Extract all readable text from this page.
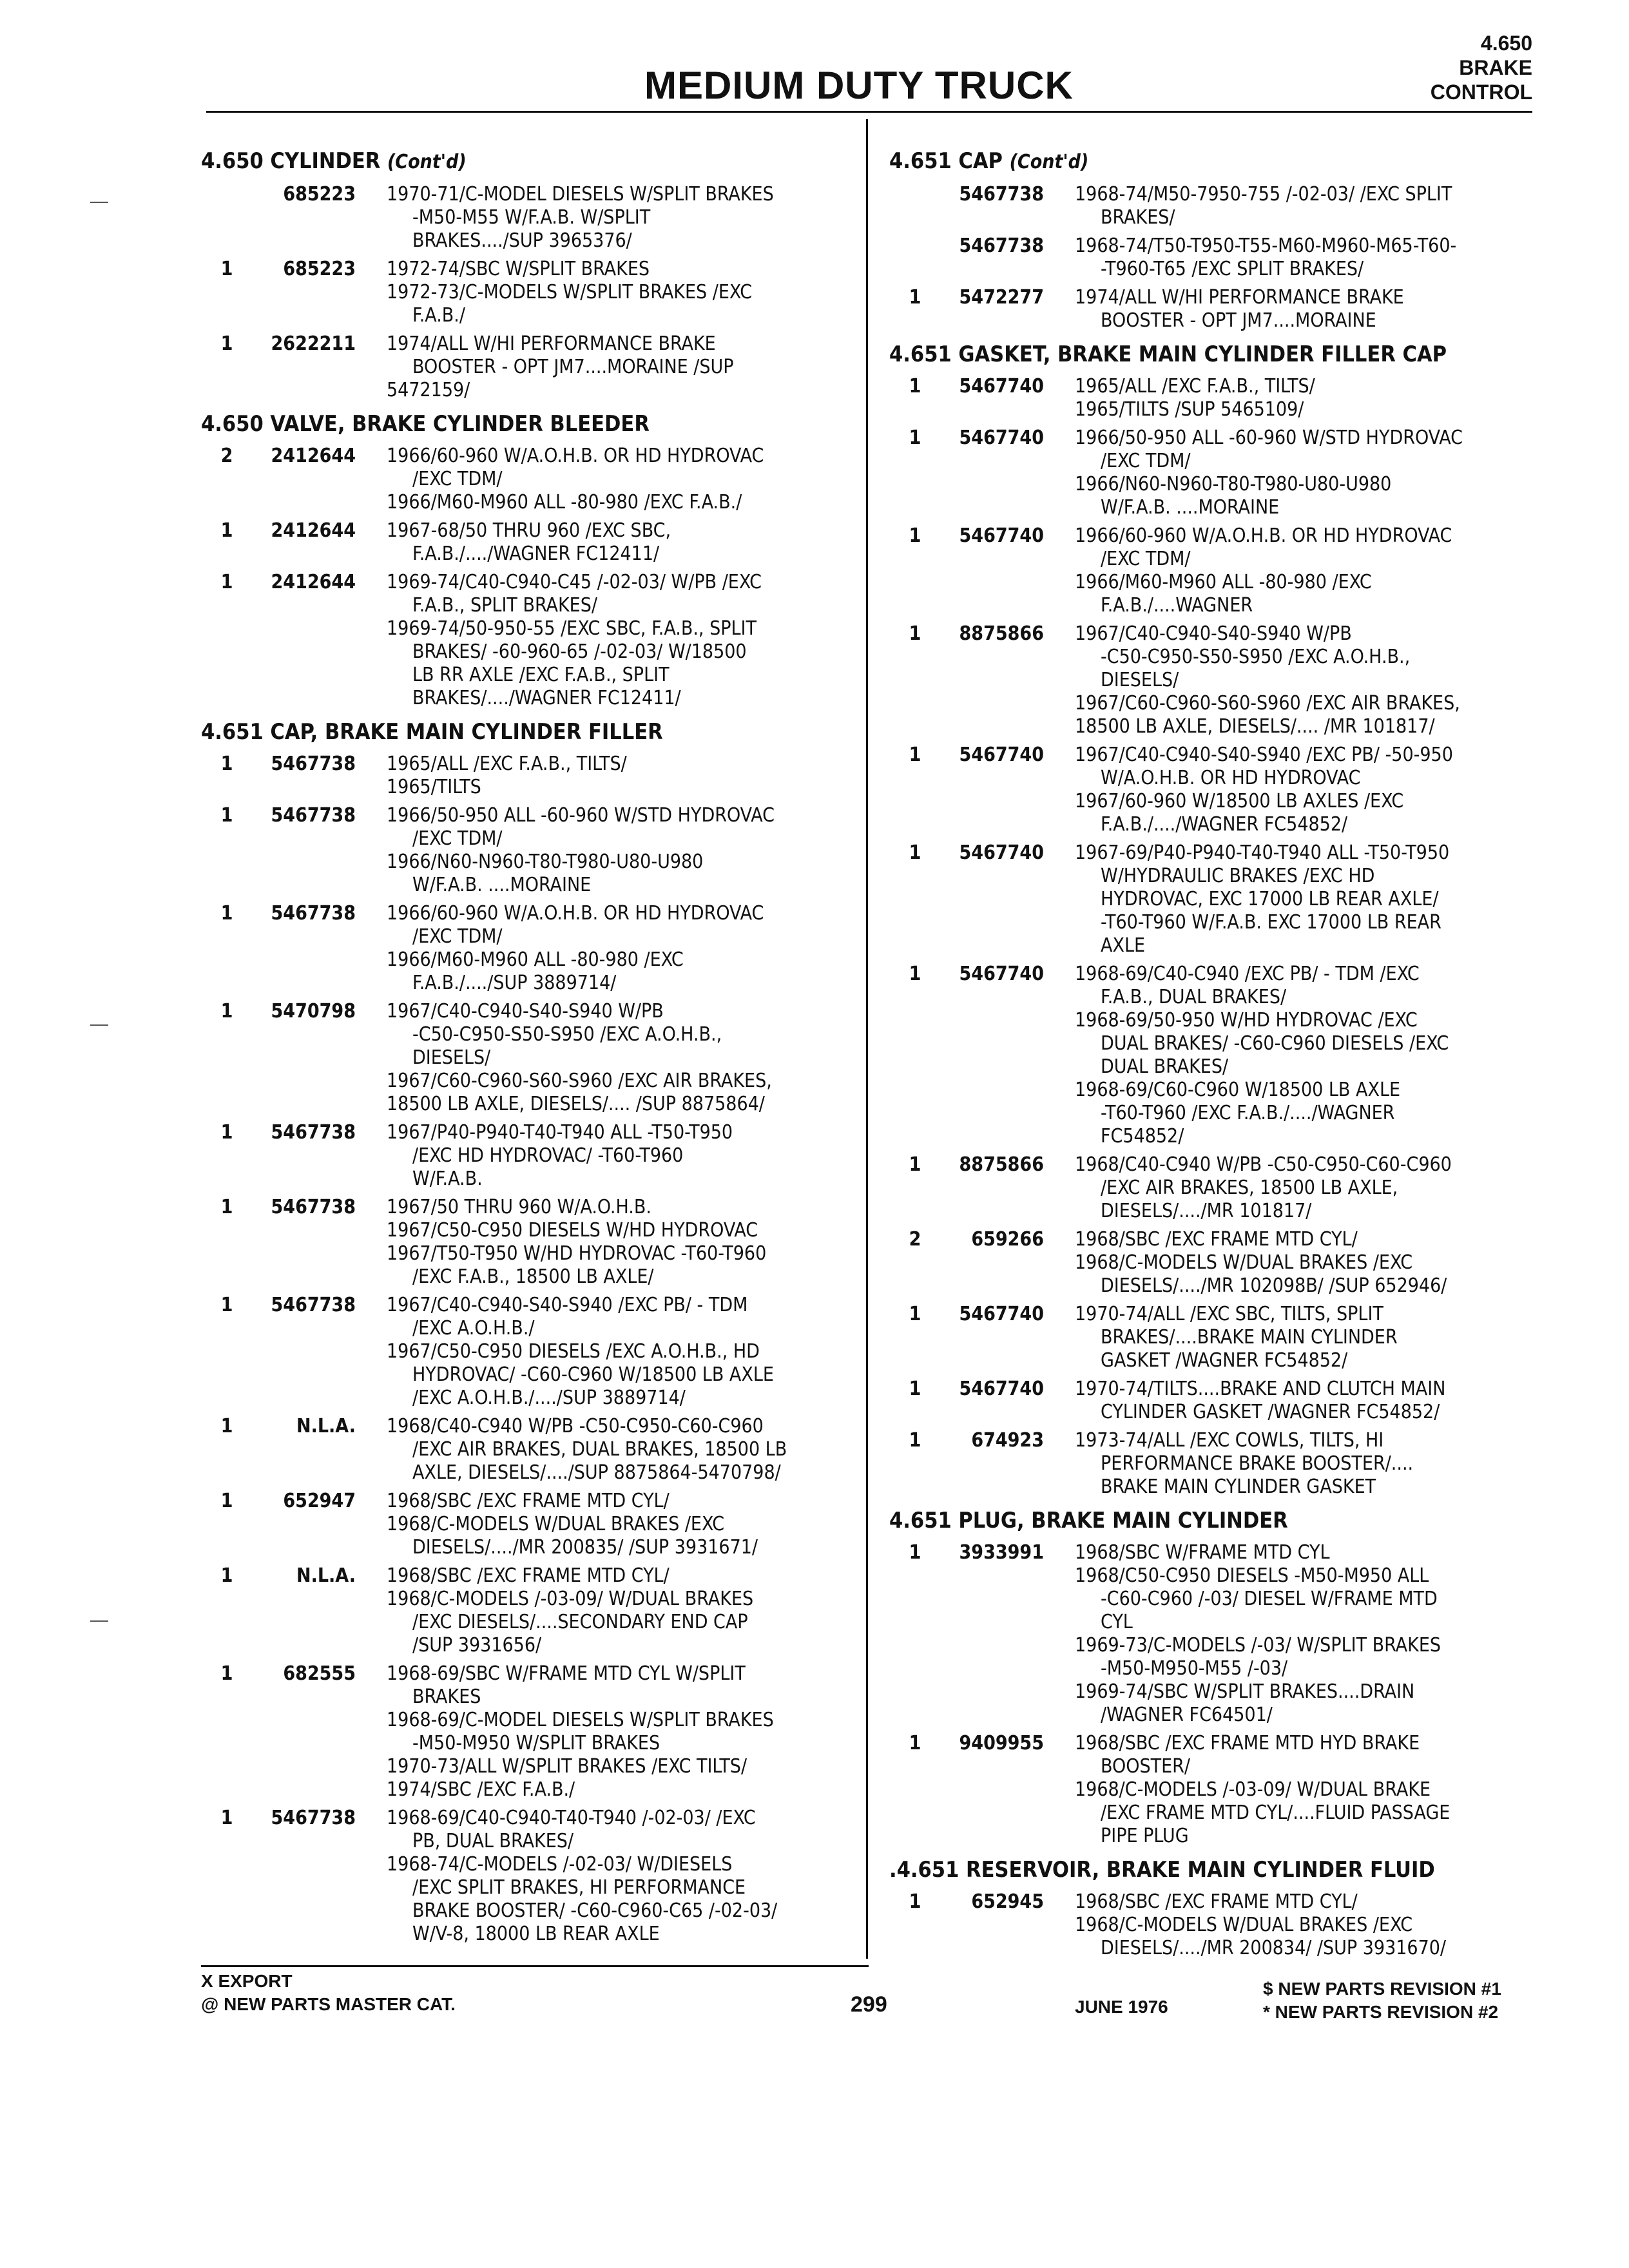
MEDIUM DUTY TRUCK
4.650
BRAKE
CONTROL
4.650 CYLINDER (Cont'd)
685223 1970-71/C-MODEL DIESELS W/SPLIT BRAKES
-M50-M55 W/F.A.B. W/SPLIT
BRAKES..../SUP 3965376/
1	685223 1972-74/SBC W/SPLIT BRAKES
1972-73/C-MODELS W/SPLIT BRAKES /EXC
F.A.B./
1	2622211 1974/ALL W/HI PERFORMANCE BRAKE
BOOSTER - OPT JM7....MORAINE /SUP
5472159/
4.650 VALVE, BRAKE CYLINDER BLEEDER
2	2412644 1966/60-960 W/A.O.H.B. OR HD HYDROVAC
/EXC TDM/
1966/M60-M960 ALL -80-980 /EXC F.A.B./
1	2412644 1967-68/50 THRU 960 /EXC SBC,
F.A.B./..../WAGNER FC12411/
1	2412644 1969-74/C40-C940-C45 /-02-03/ W/PB /EXC
F.A.B., SPLIT BRAKES/
1969-74/50-950-55 /EXC SBC, F.A.B., SPLIT
BRAKES/ -60-960-65 /-02-03/ W/18500
LB RR AXLE /EXC F.A.B., SPLIT
BRAKES/..../WAGNER FC12411/
4.651 CAP, BRAKE MAIN CYLINDER FILLER
1	5467738 1965/ALL /EXC F.A.B., TILTS/
1965/TILTS
1	5467738 1966/50-950 ALL -60-960 W/STD HYDROVAC
/EXC TDM/
1966/N60-N960-T80-T980-U80-U980
W/F.A.B. ....MORAINE
1	5467738 1966/60-960 W/A.O.H.B. OR HD HYDROVAC
/EXC TDM/
1966/M60-M960 ALL -80-980 /EXC
F.A.B./..../SUP 3889714/
1	5470798 1967/C40-C940-S40-S940 W/PB
-C50-C950-S50-S950 /EXC A.O.H.B.,
DIESELS/
1967/C60-C960-S60-S960 /EXC AIR BRAKES,
18500 LB AXLE, DIESELS/.... /SUP 8875864/
1	5467738 1967/P40-P940-T40-T940 ALL -T50-T950
/EXC HD HYDROVAC/ -T60-T960
W/F.A.B.
1	5467738 1967/50 THRU 960 W/A.O.H.B.
1967/C50-C950 DIESELS W/HD HYDROVAC
1967/T50-T950 W/HD HYDROVAC -T60-T960
/EXC F.A.B., 18500 LB AXLE/
1	5467738 1967/C40-C940-S40-S940 /EXC PB/ - TDM
/EXC A.O.H.B./
1967/C50-C950 DIESELS /EXC A.O.H.B., HD
HYDROVAC/ -C60-C960 W/18500 LB AXLE
/EXC A.O.H.B./..../SUP 3889714/
1	N.L.A. 1968/C40-C940 W/PB -C50-C950-C60-C960
/EXC AIR BRAKES, DUAL BRAKES, 18500 LB
AXLE, DIESELS/..../SUP 8875864-5470798/
1	652947 1968/SBC /EXC FRAME MTD CYL/
1968/C-MODELS W/DUAL BRAKES /EXC
DIESELS/..../MR 200835/ /SUP 3931671/
1	N.L.A. 1968/SBC /EXC FRAME MTD CYL/
1968/C-MODELS /-03-09/ W/DUAL BRAKES
/EXC DIESELS/....SECONDARY END CAP
/SUP 3931656/
1	682555 1968-69/SBC W/FRAME MTD CYL W/SPLIT
BRAKES
1968-69/C-MODEL DIESELS W/SPLIT BRAKES
-M50-M950 W/SPLIT BRAKES
1970-73/ALL W/SPLIT BRAKES /EXC TILTS/
1974/SBC /EXC F.A.B./
1	5467738 1968-69/C40-C940-T40-T940 /-02-03/ /EXC
PB, DUAL BRAKES/
1968-74/C-MODELS /-02-03/ W/DIESELS
/EXC SPLIT BRAKES, HI PERFORMANCE
BRAKE BOOSTER/ -C60-C960-C65 /-02-03/
W/V-8, 18000 LB REAR AXLE
4.651 CAP (Cont'd)
5467738 1968-74/M50-7950-755 /-02-03/ /EXC SPLIT
BRAKES/
5467738 1968-74/T50-T950-T55-M60-M960-M65-T60-
-T960-T65 /EXC SPLIT BRAKES/
1	5472277 1974/ALL W/HI PERFORMANCE BRAKE
BOOSTER - OPT JM7....MORAINE
4.651 GASKET, BRAKE MAIN CYLINDER FILLER CAP
1	5467740 1965/ALL /EXC F.A.B., TILTS/
1965/TILTS /SUP 5465109/
1	5467740 1966/50-950 ALL -60-960 W/STD HYDROVAC
/EXC TDM/
1966/N60-N960-T80-T980-U80-U980
W/F.A.B. ....MORAINE
1	5467740 1966/60-960 W/A.O.H.B. OR HD HYDROVAC
/EXC TDM/
1966/M60-M960 ALL -80-980 /EXC
F.A.B./....WAGNER
1	8875866 1967/C40-C940-S40-S940 W/PB
-C50-C950-S50-S950 /EXC A.O.H.B.,
DIESELS/
1967/C60-C960-S60-S960 /EXC AIR BRAKES,
18500 LB AXLE, DIESELS/.... /MR 101817/
1	5467740 1967/C40-C940-S40-S940 /EXC PB/ -50-950
W/A.O.H.B. OR HD HYDROVAC
1967/60-960 W/18500 LB AXLES /EXC
F.A.B./..../WAGNER FC54852/
1	5467740 1967-69/P40-P940-T40-T940 ALL -T50-T950
W/HYDRAULIC BRAKES /EXC HD
HYDROVAC, EXC 17000 LB REAR AXLE/
-T60-T960 W/F.A.B. EXC 17000 LB REAR
AXLE
1	5467740 1968-69/C40-C940 /EXC PB/ - TDM /EXC
F.A.B., DUAL BRAKES/
1968-69/50-950 W/HD HYDROVAC /EXC
DUAL BRAKES/ -C60-C960 DIESELS /EXC
DUAL BRAKES/
1968-69/C60-C960 W/18500 LB AXLE
-T60-T960 /EXC F.A.B./..../WAGNER
FC54852/
1	8875866 1968/C40-C940 W/PB -C50-C950-C60-C960
/EXC AIR BRAKES, 18500 LB AXLE,
DIESELS/..../MR 101817/
2	659266 1968/SBC /EXC FRAME MTD CYL/
1968/C-MODELS W/DUAL BRAKES /EXC
DIESELS/..../MR 102098B/ /SUP 652946/
1	5467740 1970-74/ALL /EXC SBC, TILTS, SPLIT
BRAKES/....BRAKE MAIN CYLINDER
GASKET /WAGNER FC54852/
1	5467740 1970-74/TILTS....BRAKE AND CLUTCH MAIN
CYLINDER GASKET /WAGNER FC54852/
1	674923 1973-74/ALL /EXC COWLS, TILTS, HI
PERFORMANCE BRAKE BOOSTER/....
BRAKE MAIN CYLINDER GASKET
4.651 PLUG, BRAKE MAIN CYLINDER
1	3933991 1968/SBC W/FRAME MTD CYL
1968/C50-C950 DIESELS -M50-M950 ALL
-C60-C960 /-03/ DIESEL W/FRAME MTD
CYL
1969-73/C-MODELS /-03/ W/SPLIT BRAKES
-M50-M950-M55 /-03/
1969-74/SBC W/SPLIT BRAKES....DRAIN
/WAGNER FC64501/
1	9409955 1968/SBC /EXC FRAME MTD HYD BRAKE
BOOSTER/
1968/C-MODELS /-03-09/ W/DUAL BRAKE
/EXC FRAME MTD CYL/....FLUID PASSAGE
PIPE PLUG
.4.651 RESERVOIR, BRAKE MAIN CYLINDER FLUID
1	652945 1968/SBC /EXC FRAME MTD CYL/
1968/C-MODELS W/DUAL BRAKES /EXC
DIESELS/..../MR 200834/ /SUP 3931670/
X EXPORT
@ NEW PARTS MASTER CAT.	299	JUNE 1976
$ NEW PARTS REVISION #1
* NEW PARTS REVISION #2
